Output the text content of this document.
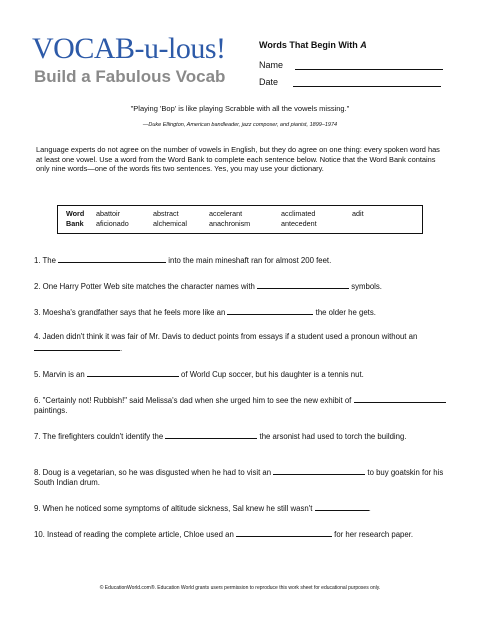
VOCAB-u-lous!
Build a Fabulous Vocab
Words That Begin With A
Name
Date
"Playing 'Bop' is like playing Scrabble with all the vowels missing."
—Duke Ellington, American bandleader, jazz composer, and pianist, 1899–1974
Language experts do not agree on the number of vowels in English, but they do agree on one thing: every spoken word has at least one vowel. Use a word from the Word Bank to complete each sentence below. Notice that the Word Bank contains only nine words—one of the words fits two sentences. Yes, you may use your dictionary.
Word
Bank
abattoir	abstract	accelerant	acclimated	adit
aficionado	alchemical	anachronism	antecedent
1. The	into the main mineshaft ran for almost 200 feet.
2. One Harry Potter Web site matches the character names with	symbols.
3. Moesha's grandfather says that he feels more like an	the older he gets.
4. Jaden didn't think it was fair of Mr. Davis to deduct points from essays if a student used a pronoun without an .
5. Marvin is an	of World Cup soccer, but his daughter is a tennis nut.
6. "Certainly not! Rubbish!" said Melissa's dad when she urged him to see the new exhibit of  paintings.
7. The firefighters couldn't identify the	the arsonist had used to torch the building.
8. Doug is a vegetarian, so he was disgusted when he had to visit an	to buy goatskin for his South Indian drum.
9. When he noticed some symptoms of altitude sickness, Sal knew he still wasn't	.
10. Instead of reading the complete article, Chloe used an	for her research paper.
© EducationWorld.com®. Education World grants users permission to reproduce this work sheet for educational purposes only.
